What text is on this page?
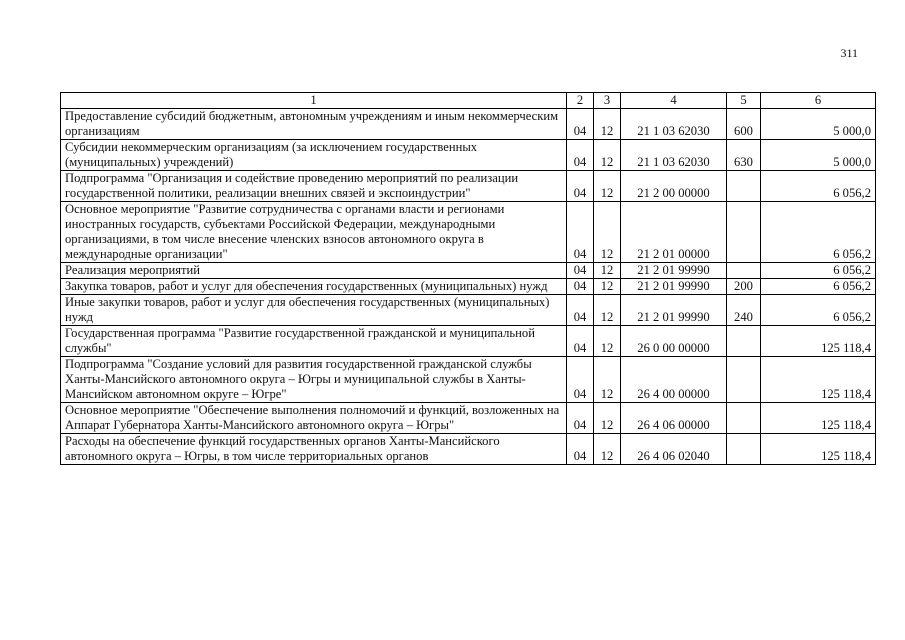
311
1	2	3	4	5	6
Предоставление субсидий бюджетным, автономным учреждениям и иным некоммерческим организациям	04	12	21 1 03 62030	600	5 000,0
Субсидии некоммерческим организациям (за исключением государственных (муниципальных) учреждений)	04	12	21 1 03 62030	630	5 000,0
Подпрограмма "Организация и содействие проведению мероприятий по реализации государственной политики, реализации внешних связей и экспоиндустрии"	04	12	21 2 00 00000		6 056,2
Основное мероприятие "Развитие сотрудничества с органами власти и регионами иностранных государств, субъектами Российской Федерации, международными организациями, в том числе внесение членских взносов автономного округа в международные организации"	04	12	21 2 01 00000		6 056,2
Реализация мероприятий	04	12	21 2 01 99990		6 056,2
Закупка товаров, работ и услуг для обеспечения государственных (муниципальных) нужд	04	12	21 2 01 99990	200	6 056,2
Иные закупки товаров, работ и услуг для обеспечения государственных (муниципальных) нужд	04	12	21 2 01 99990	240	6 056,2
Государственная программа "Развитие государственной гражданской и муниципальной службы"	04	12	26 0 00 00000		125 118,4
Подпрограмма "Создание условий для развития государственной гражданской службы Ханты-Мансийского автономного округа – Югры и муниципальной службы в Ханты-Мансийском автономном округе – Югре"	04	12	26 4 00 00000		125 118,4
Основное мероприятие "Обеспечение выполнения полномочий и функций, возложенных на Аппарат Губернатора Ханты-Мансийского автономного округа – Югры"	04	12	26 4 06 00000		125 118,4
Расходы на обеспечение функций государственных органов Ханты-Мансийского автономного округа – Югры, в том числе территориальных органов	04	12	26 4 06 02040		125 118,4
